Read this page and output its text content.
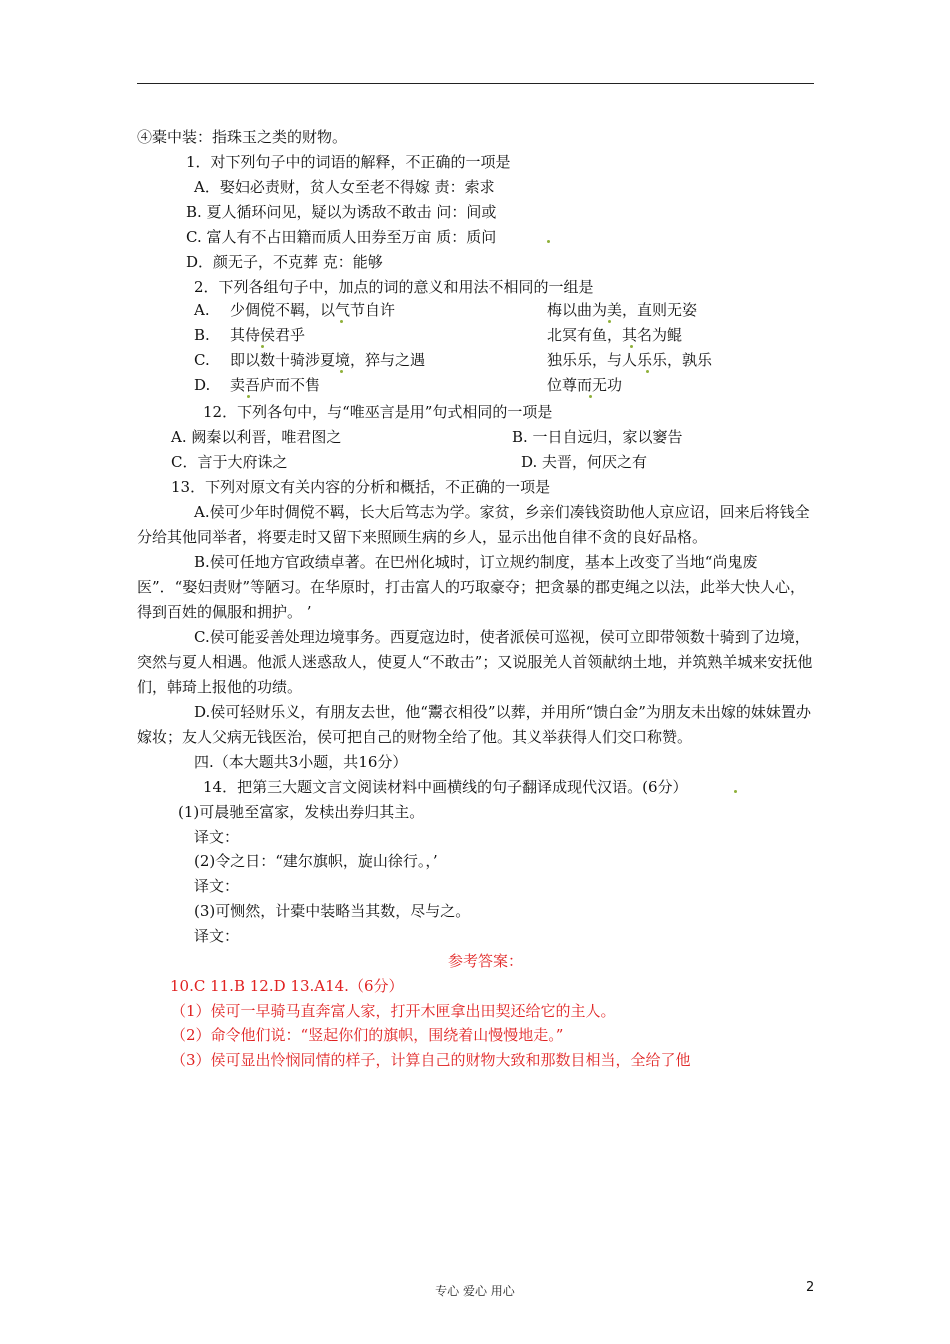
④橐中装：指珠玉之类的财物。
1．对下列句子中的词语的解释，不正确的一项是
A．娶妇必责财，贫人女至老不得嫁 责：索求
B. 夏人循环问见，疑以为诱敌不敢击 问：间或
C. 富人有不占田籍而质人田券至万亩 质：质问
D．颜无子，不克葬 克：能够
2．下列各组句子中，加点的词的意义和用法不相同的一组是
A. 少倜傥不羁，以气节自许	梅以曲为美，直则无姿
B. 其侍侯君乎	北冥有鱼，其名为鲲
C. 即以数十骑涉夏境，猝与之遇	独乐乐，与人乐乐，孰乐
D. 卖吾庐而不售	位尊而无功
12．下列各句中，与“唯巫言是用”句式相同的一项是
A. 阙秦以利晋，唯君图之	B. 一日自远归，家以窭告
C．言于大府诛之	D. 夫晋，何厌之有
13．下列对原文有关内容的分析和概括，不正确的一项是
A.侯可少年时倜傥不羁，长大后笃志为学。家贫，乡亲们凑钱资助他人京应诏，回来后将钱全分给其他同举者，将要走时又留下来照顾生病的乡人，显示出他自律不贪的良好品格。
B.侯可任地方官政绩卓著。在巴州化城时，订立规约制度，基本上改变了当地“尚鬼废医”．“娶妇责财”等陋习。在华原时，打击富人的巧取豪夺；把贪暴的郡吏绳之以法，此举大快人心，得到百姓的佩服和拥护。 ’
C.侯可能妥善处理边境事务。西夏寇边时，使者派侯可巡视，侯可立即带领数十骑到了边境，突然与夏人相遇。他派人迷惑敌人，使夏人“不敢击”；又说服羌人首领献纳土地，并筑熟羊城来安抚他们，韩琦上报他的功绩。
D.侯可轻财乐义，有朋友去世，他“鬻衣相役”以葬，并用所“馈白金”为朋友未出嫁的妹妹置办嫁妆；友人父病无钱医治，侯可把自己的财物全给了他。其义举获得人们交口称赞。
四.（本大题共3小题，共16分）
14．把第三大题文言文阅读材料中画横线的句子翻译成现代汉语。(6分）
(1)可晨驰至富家，发椟出券归其主。
译文：
(2)令之日：“建尔旗帜，旋山徐行。，’
译文：
(3)可恻然，计橐中装略当其数，尽与之。
译文：
参考答案：
10.C 11.B 12.D 13.A14.（6分）
（1）侯可一早骑马直奔富人家，打开木匣拿出田契还给它的主人。
（2）命令他们说：“竖起你们的旗帜，围绕着山慢慢地走。”
（3）侯可显出怜悯同情的样子，计算自己的财物大致和那数目相当，全给了他
专心 爱心 用心	2
